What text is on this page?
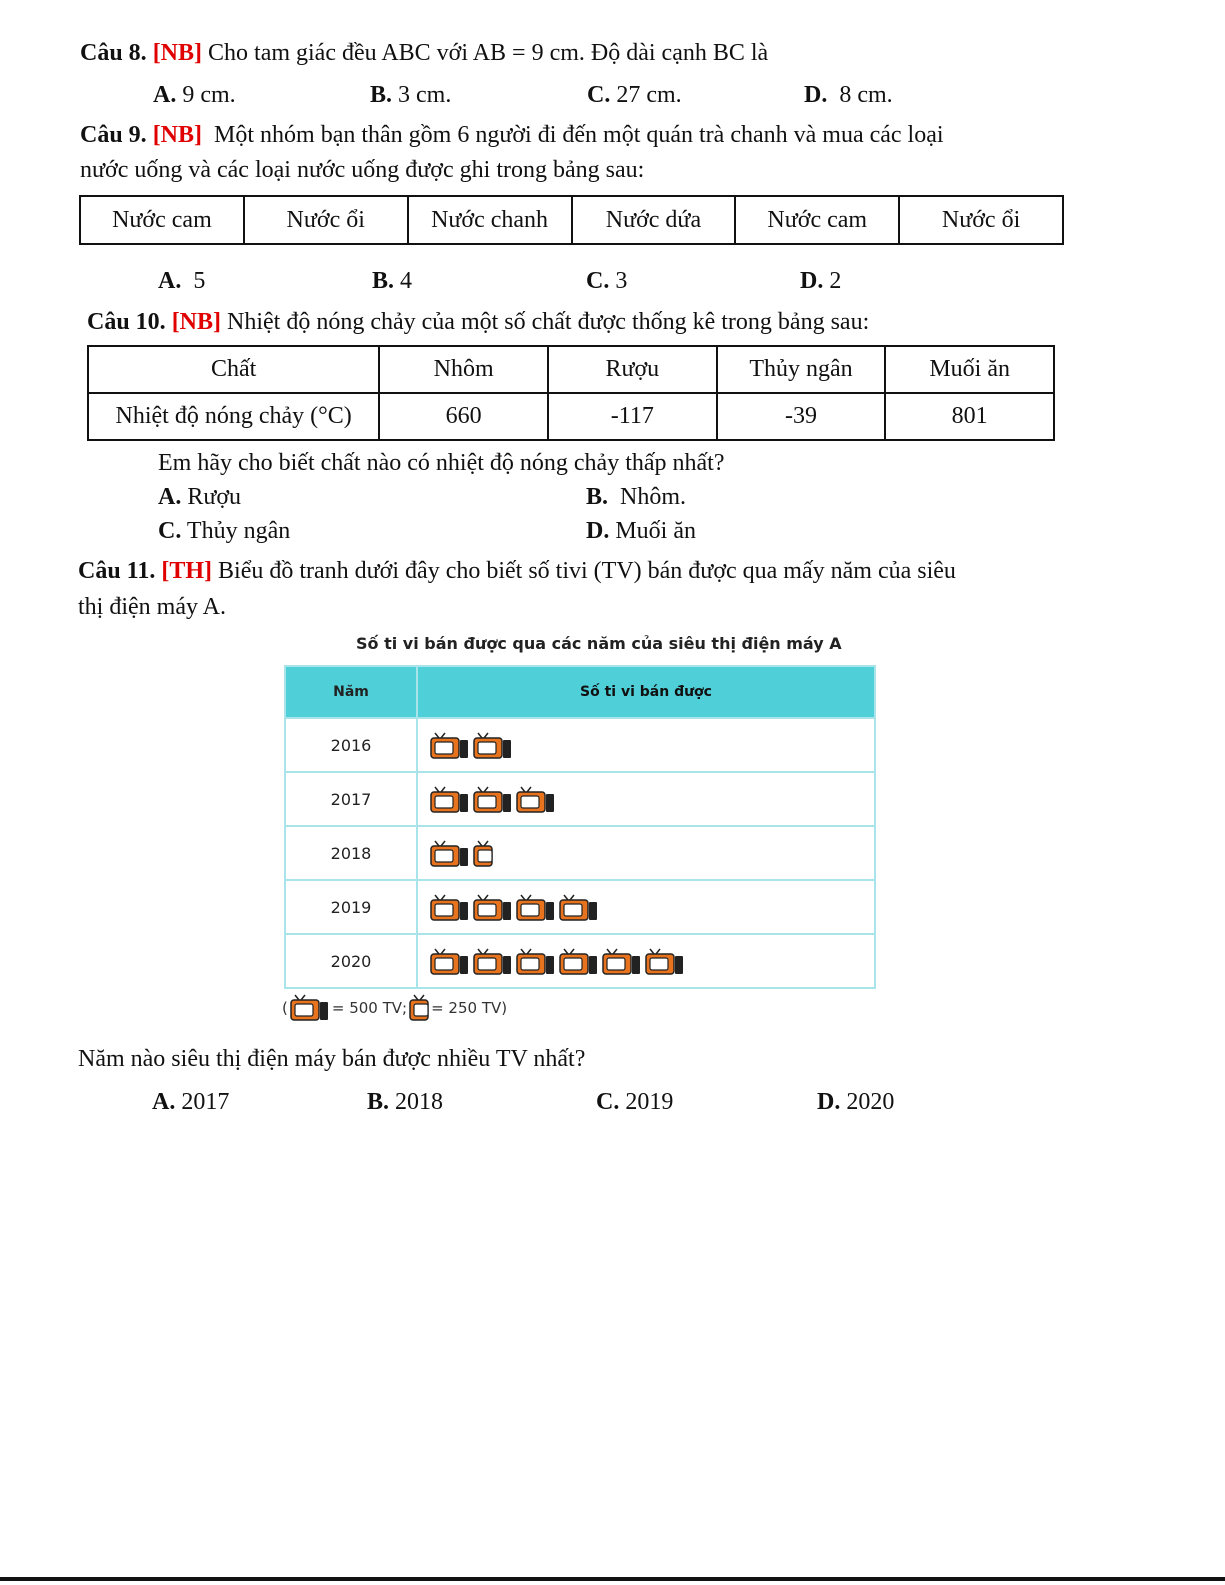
Câu 8. [NB] Cho tam giác đều ABC với AB = 9 cm. Độ dài cạnh BC là
A. 9 cm.	B. 3 cm.	C. 27 cm.	D. 8 cm.
Câu 9. [NB] Một nhóm bạn thân gồm 6 người đi đến một quán trà chanh và mua các loại
nước uống và các loại nước uống được ghi trong bảng sau:
Nước cam	Nước ổi	Nước chanh	Nước dứa	Nước cam	Nước ổi
A. 5	B. 4	C. 3	D. 2
Câu 10. [NB] Nhiệt độ nóng chảy của một số chất được thống kê trong bảng sau:
Chất	Nhôm	Rượu	Thủy ngân	Muối ăn
Nhiệt độ nóng chảy (°C)	660	-117	-39	801
Em hãy cho biết chất nào có nhiệt độ nóng chảy thấp nhất?
A. Rượu	B. Nhôm.
C. Thủy ngân	D. Muối ăn
Câu 11. [TH] Biểu đồ tranh dưới đây cho biết số tivi (TV) bán được qua mấy năm của siêu
thị điện máy A.
Số ti vi bán được qua các năm của siêu thị điện máy A
Năm	Số ti vi bán được
2016	

2017	

2018	

2019	

2020	
(	= 500 TV; = 250 TV)
Năm nào siêu thị điện máy bán được nhiều TV nhất?
A. 2017	B. 2018	C. 2019	D. 2020
